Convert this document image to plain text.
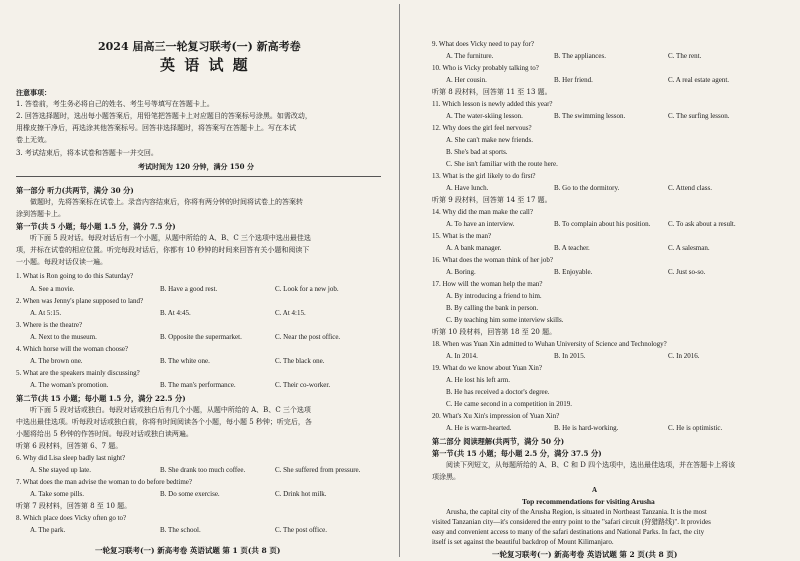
2024 届高三一轮复习联考(一) 新高考卷
英 语 试 题
注意事项：
1. 答卷前，考生务必将自己的姓名、考生号等填写在答题卡上。
2. 回答选择题时，选出每小题答案后，用铅笔把答题卡上对应题目的答案标号涂黑。如需改动，
用橡皮擦干净后，再选涂其他答案标号。回答非选择题时，将答案写在答题卡上。写在本试
卷上无效。
3. 考试结束后，将本试卷和答题卡一并交回。
考试时间为 120 分钟，满分 150 分
第一部分 听力(共两节，满分 30 分)
做题时，先将答案标在试卷上。录音内容结束后，你将有两分钟的时间将试卷上的答案转
涂到答题卡上。
第一节(共 5 小题；每小题 1.5 分，满分 7.5 分)
听下面 5 段对话。每段对话后有一个小题，从题中所给的 A、B、C 三个选项中选出最佳选
项，并标在试卷的相应位置。听完每段对话后，你都有 10 秒钟的时间来回答有关小题和阅读下
一小题。每段对话仅读一遍。
1. What is Ron going to do this Saturday?
A. See a movie.	B. Have a good rest.	C. Look for a new job.
2. When was Jenny's plane supposed to land?
A. At 5:15.	B. At 4:45.	C. At 4:15.
3. Where is the theatre?
A. Next to the museum.	B. Opposite the supermarket.	C. Near the post office.
4. Which horse will the woman choose?
A. The brown one.	B. The white one.	C. The black one.
5. What are the speakers mainly discussing?
A. The woman's promotion.	B. The man's performance.	C. Their co-worker.
第二节(共 15 小题；每小题 1.5 分，满分 22.5 分)
听下面 5 段对话或独白。每段对话或独白后有几个小题，从题中所给的 A、B、C 三个选项
中选出最佳选项。听每段对话或独白前，你将有时间阅读各个小题，每小题 5 秒钟；听完后，各
小题将给出 5 秒钟的作答时间。每段对话或独白读两遍。
听第 6 段材料，回答第 6、7 题。
6. Why did Lisa sleep badly last night?
A. She stayed up late.	B. She drank too much coffee.	C. She suffered from pressure.
7. What does the man advise the woman to do before bedtime?
A. Take some pills.	B. Do some exercise.	C. Drink hot milk.
听第 7 段材料，回答第 8 至 10 题。
8. Which place does Vicky often go to?
A. The park.	B. The school.	C. The post office.
一轮复习联考(一) 新高考卷 英语试题 第 1 页(共 8 页)
9. What does Vicky need to pay for?
A. The furniture.	B. The appliances.	C. The rent.
10. Who is Vicky probably talking to?
A. Her cousin.	B. Her friend.	C. A real estate agent.
听第 8 段材料，回答第 11 至 13 题。
11. Which lesson is newly added this year?
A. The water-skiing lesson.	B. The swimming lesson.	C. The surfing lesson.
12. Why does the girl feel nervous?
A. She can't make new friends.
B. She's bad at sports.
C. She isn't familiar with the route here.
13. What is the girl likely to do first?
A. Have lunch.	B. Go to the dormitory.	C. Attend class.
听第 9 段材料，回答第 14 至 17 题。
14. Why did the man make the call?
A. To have an interview.	B. To complain about his position.	C. To ask about a result.
15. What is the man?
A. A bank manager.	B. A teacher.	C. A salesman.
16. What does the woman think of her job?
A. Boring.	B. Enjoyable.	C. Just so-so.
17. How will the woman help the man?
A. By introducing a friend to him.
B. By calling the bank in person.
C. By teaching him some interview skills.
听第 10 段材料，回答第 18 至 20 题。
18. When was Yuan Xin admitted to Wuhan University of Science and Technology?
A. In 2014.	B. In 2015.	C. In 2016.
19. What do we know about Yuan Xin?
A. He lost his left arm.
B. He has received a doctor's degree.
C. He came second in a competition in 2019.
20. What's Xu Xin's impression of Yuan Xin?
A. He is warm-hearted.	B. He is hard-working.	C. He is optimistic.
第二部分 阅读理解(共两节，满分 50 分)
第一节(共 15 小题；每小题 2.5 分，满分 37.5 分)
阅读下列短文，从每题所给的 A、B、C 和 D 四个选项中，选出最佳选项，并在答题卡上将该
项涂黑。
A
Top recommendations for visiting Arusha
Arusha, the capital city of the Arusha Region, is situated in Northeast Tanzania. It is the most
visited Tanzanian city—it's considered the entry point to the "safari circuit (狩猎路线)". It provides
easy and convenient access to many of the safari destinations and National Parks. In fact, the city
itself is set against the beautiful backdrop of Mount Kilimanjaro.
一轮复习联考(一) 新高考卷 英语试题 第 2 页(共 8 页)
